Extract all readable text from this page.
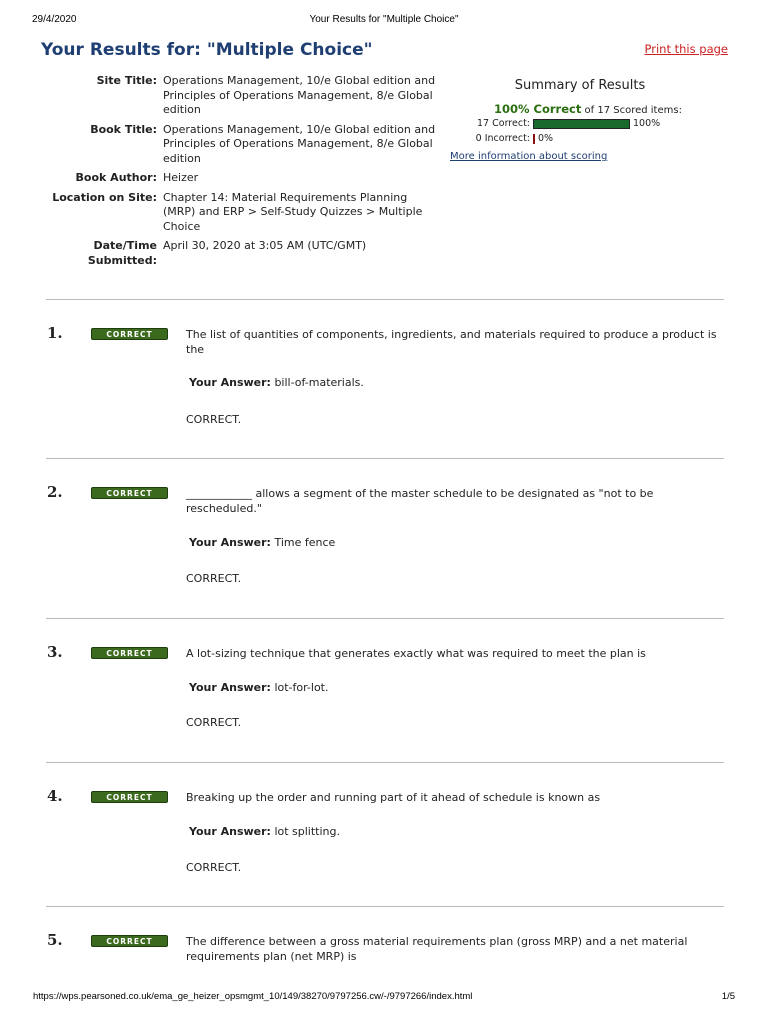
29/4/2020	Your Results for "Multiple Choice"
Your Results for: "Multiple Choice"	Print this page
Site Title: Operations Management, 10/e Global edition and Principles of Operations Management, 8/e Global edition
Book Title: Operations Management, 10/e Global edition and Principles of Operations Management, 8/e Global edition
Book Author: Heizer
Location on Site: Chapter 14: Material Requirements Planning (MRP) and ERP > Self-Study Quizzes > Multiple Choice
Date/Time Submitted:
April 30, 2020 at 3:05 AM (UTC/GMT)
Summary of Results
100% Correct of 17 Scored items:
17 Correct:	100%
0 Incorrect: 0%
More information about scoring
1.	CORRECT	The list of quantities of components, ingredients, and materials required to produce a product is the
Your Answer: bill-of-materials.
CORRECT.
2.	CORRECT	____________ allows a segment of the master schedule to be designated as "not to be rescheduled."
Your Answer: Time fence
CORRECT.
3.	CORRECT	A lot-sizing technique that generates exactly what was required to meet the plan is
Your Answer: lot-for-lot.
CORRECT.
4.	CORRECT	Breaking up the order and running part of it ahead of schedule is known as
Your Answer: lot splitting.
CORRECT.
5.	CORRECT	The difference between a gross material requirements plan (gross MRP) and a net material requirements plan (net MRP) is
https://wps.pearsoned.co.uk/ema_ge_heizer_opsmgmt_10/149/38270/9797256.cw/-/9797266/index.html	1/5
